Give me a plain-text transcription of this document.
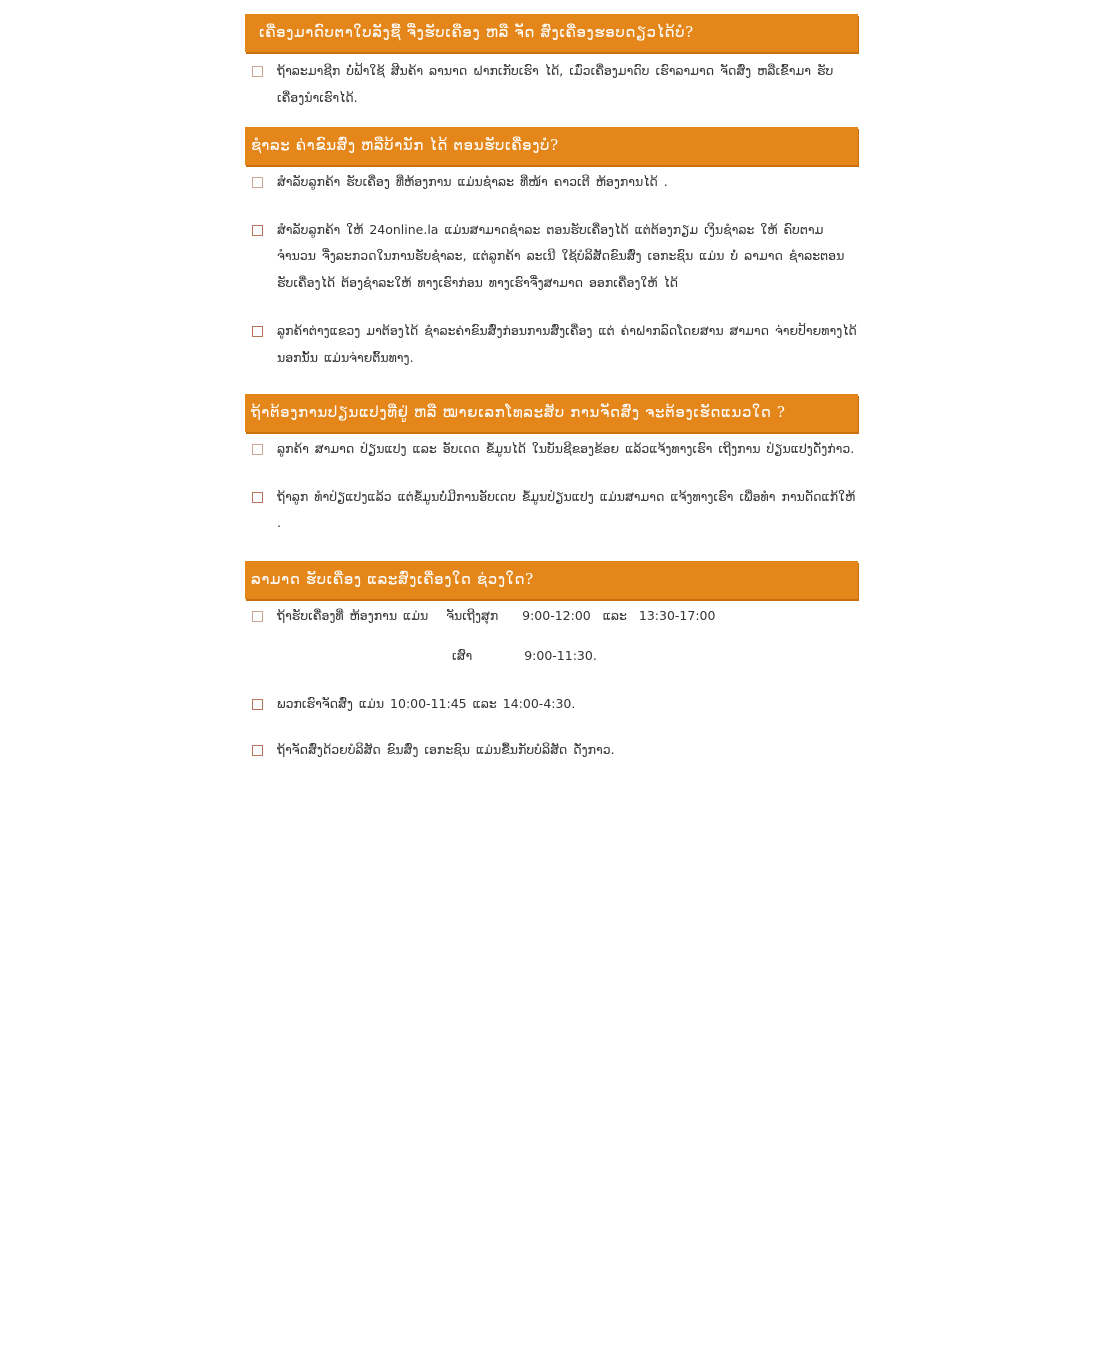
ເຄື່ອງມາດົບຕາໃບລັງຊື້ ຈື່ງຮັບເຄືອງ ຫລື ຈັດ ສົ່ງເຄື່ອງຮອບດຽວໄດ້ບໍ?
ຖ້າລະມາຊີກ ບໍ່ຟ້າໃຊ້ ສີນຄ້າ ລານາດ ຝາກເກັບເຮົາ ໄດ້, ເມ່ົ່ວເຄື່ອງມາດົບ ເຮົາລາມາດ ຈັດສົ່ງ ຫລືເຂົ້າມາ ຮັບເຄື່ອງນຳເຮົາໄດ້.
ຊຳລະ ຄ່າຂົນສົ່ງ ຫລືບ້ານັກ ໄດ້ ຕອນຮັບເຄື່ອງບໍ?
ສຳລັບລູກຄ້າ ຮັບເຄື່ອງ ທີ່ຫ້ອງການ ແມ່ນຊຳລະ ທີ່ໜ້າ ຄາວເຕີ ຫ້ອງການໄດ້ .
ສຳລັບລູກຄ້າ ໃຫ້ 24online.la ແມ່ນສາມາດຊຳລະ ຕອນຮັບເຄື່ອງໄດ້ ແຕ່ຕ້ອງກຽມ ເງິນຊຳລະ ໃຫ້ ຄົບຕາມຈຳນວນ ຈື່ງລະກວດໃນການຮັບຊຳລະ, ແຕ່ລູກຄ້າ ລະເນີ ໃຊ້ບໍລິສັດຂົນສົ່ງ ເອກະຊົນ ແມ່ນ ບໍ່ ລາມາດ ຊຳລະຕອນຮັບເຄື່ອງໄດ້ ຕ້ອງຊຳລະໃຫ້ ທາງເຮົາກ່ອນ ທາງເຮົາຈື່ງສາມາດ ອອກເຄື່ອງໃຫ້ ໄດ້
ລູກຄ້າຕ່າງແຂວງ ມາຕ້ອງໄດ້ ຊຳລະຄ່າຂົນສົ່ງກ່ອນການສົ່ງເຄື່ອງ ແຕ່ ຄ່າຝາກລົດໂດຍສານ ສາມາດ ຈ່າຍປ້າຍທາງໄດ້ ນອກນັ້ນ ແມ່ນຈ່າຍຕົ້ນທາງ.
ຖ້າຕ້ອງການປຽນແປງທີ່ຢູ່ ຫລື ໝາຍເລກໂທລະສັບ ການຈັດສົ່ງ ຈະຕ້ອງເຮັດແນວໃດ ?
ລູກຄ້າ ສາມາດ ປ່ຽນແປງ ແລະ ອັບເດດ ຂໍ້ມູນໄດ້ ໃນບັນຊີຂອງຂ້ອຍ ແລ້ວແຈ້ງທາງເຮົາ ເຖີງການ ປ່ຽນແປງດັ່ງກ່າວ.
ຖ້າລູກ ທຳປ່ຽແປງແລ້ວ ແຕ່ຂໍ້ມູນບໍ່ມີການອັບເດບ ຂໍ້ມູນປ່ຽນແປງ ແມ່ນສາມາດ ແຈ້ງທາງເຮົາ ເພື່ອທຳ ການດັດແກ້ໃຫ້ .
ລາມາດ ຮັບເຄື່ອງ ແລະສົ່ງເຄື່ອງໃດ ຊ່ວງໃດ?
ຖ້າຮັບເຄື່ອງທີ່ ຫ້ອງການ ແມ່ນ   ຈັນເຖີງສຸກ 9:00-12:00  ແລະ  13:30-17:00
ເສົາ	9:00-11:30.
ພວກເຮົາຈັດສົ່ງ ແມ່ນ 10:00-11:45 ແລະ 14:00-4:30.
ຖ້າຈັດສົ່ງດ້ວຍບໍລິສັດ ຂົນສົ່ງ ເອກະຊົນ ແມ່ນຂື້ນກັບບໍລິສັດ ດັ່ງກາວ.
